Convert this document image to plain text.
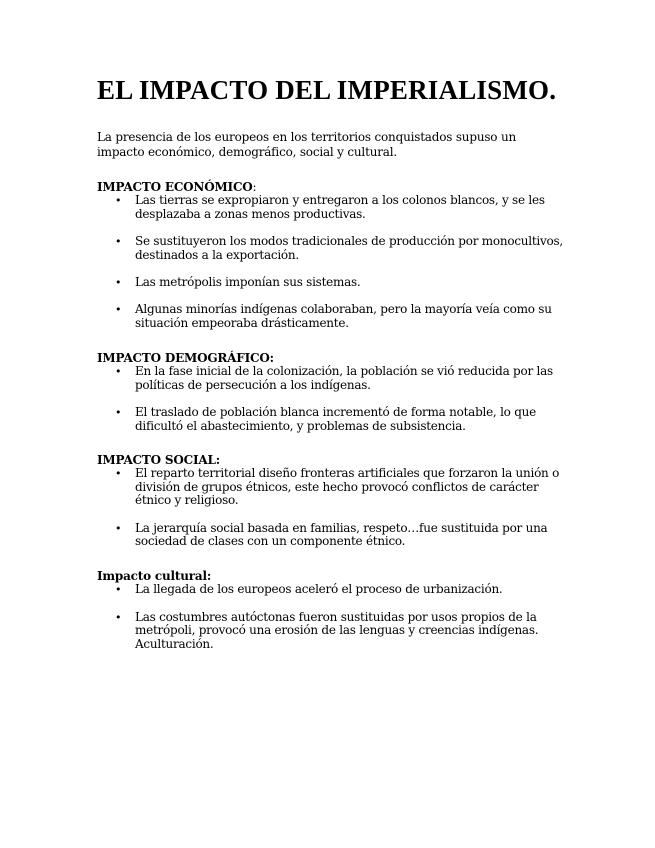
EL IMPACTO DEL IMPERIALISMO.

La presencia de los europeos en los territorios conquistados supuso un impacto económico, demográfico, social y cultural.

IMPACTO ECONÓMICO:

• Las tierras se expropiaron y entregaron a los colonos blancos, y se les desplazaba a zonas menos productivas.
• Se sustituyeron los modos tradicionales de producción por monocultivos, destinados a la exportación.
• Las metrópolis imponían sus sistemas.
• Algunas minorías indígenas colaboraban, pero la mayoría veía como su situación empeoraba drásticamente.

IMPACTO DEMOGRÁFICO:

• En la fase inicial de la colonización, la población se vió reducida por las políticas de persecución a los indígenas.
• El traslado de población blanca incrementó de forma notable, lo que dificultó el abastecimiento, y problemas de subsistencia.

IMPACTO SOCIAL:

• El reparto territorial diseño fronteras artificiales que forzaron la unión o división de grupos étnicos, este hecho provocó conflictos de carácter étnico y religioso.
• La jerarquía social basada en familias, respeto…fue sustituida por una sociedad de clases con un componente étnico.

Impacto cultural:

• La llegada de los europeos aceleró el proceso de urbanización.
• Las costumbres autóctonas fueron sustituidas por usos propios de la metrópoli, provocó una erosión de las lenguas y creencias indígenas. Aculturación.
